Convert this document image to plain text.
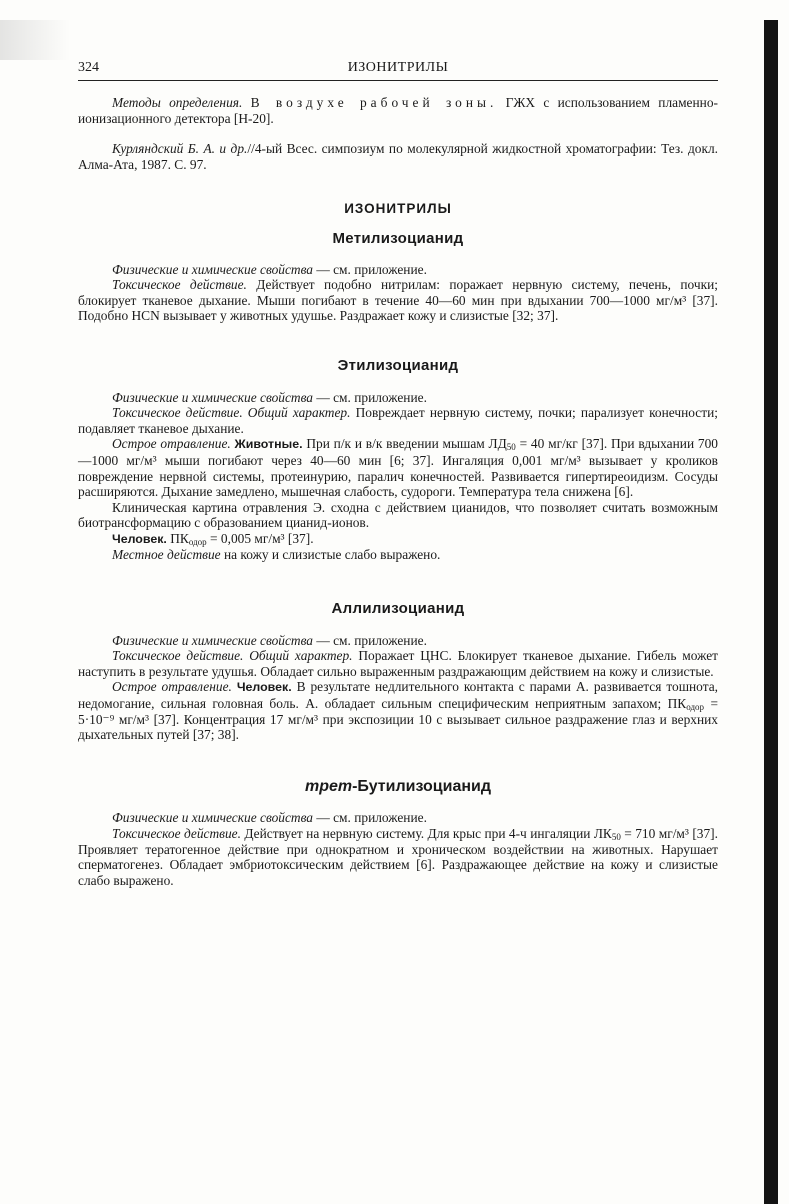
324	ИЗОНИТРИЛЫ

Методы определения. В воздухе рабочей зоны. ГЖХ с использованием пламенно-ионизационного детектора [Н-20].

Курляндский Б. А. и др.//4-ый Всес. симпозиум по молекулярной жидкостной хроматографии: Тез. докл. Алма-Ата, 1987. С. 97.

ИЗОНИТРИЛЫ
Метилизоцианид

Физические и химические свойства — см. приложение.

Токсическое действие. Действует подобно нитрилам: поражает нервную систему, печень, почки; блокирует тканевое дыхание. Мыши погибают в течение 40—60 мин при вдыхании 700—1000 мг/м³ [37]. Подобно HCN вызывает у животных удушье. Раздражает кожу и слизистые [32; 37].

Этилизоцианид

Физические и химические свойства — см. приложение.

Токсическое действие. Общий характер. Повреждает нервную систему, почки; парализует конечности; подавляет тканевое дыхание.

Острое отравление. Животные. При п/к и в/к введении мышам $ЛД_{50} = 40$ мг/кг [37]. При вдыхании 700—1000 мг/м³ мыши погибают через 40—60 мин [6; 37]. Ингаляция 0,001 мг/м³ вызывает у кроликов повреждение нервной системы, протеинурию, паралич конечностей. Развивается гипертиреоидизм. Сосуды расширяются. Дыхание замедлено, мышечная слабость, судороги. Температура тела снижена [6].

Клиническая картина отравления Э. сходна с действием цианидов, что позволяет считать возможным биотрансформацию с образованием цианид-ионов.

Человек. $ПК_{одор} = 0,005$ мг/м³ [37].

Местное действие на кожу и слизистые слабо выражено.

Аллилизоцианид

Физические и химические свойства — см. приложение.

Токсическое действие. Общий характер. Поражает ЦНС. Блокирует тканевое дыхание. Гибель может наступить в результате удушья. Обладает сильно выраженным раздражающим действием на кожу и слизистые.

Острое отравление. Человек. В результате недлительного контакта с парами А. развивается тошнота, недомогание, сильная головная боль. А. обладает сильным специфическим неприятным запахом; $ПК_{одор} = 5\cdot 10^{-9}$ мг/м³ [37]. Концентрация 17 мг/м³ при экспозиции 10 с вызывает сильное раздражение глаз и верхних дыхательных путей [37; 38].

трет-Бутилизоцианид

Физические и химические свойства — см. приложение.

Токсическое действие. Действует на нервную систему. Для крыс при 4-ч ингаляции $ЛК_{50} = 710$ мг/м³ [37]. Проявляет тератогенное действие при однократном и хроническом воздействии на животных. Нарушает сперматогенез. Обладает эмбриотоксическим действием [6]. Раздражающее действие на кожу и слизистые слабо выражено.
